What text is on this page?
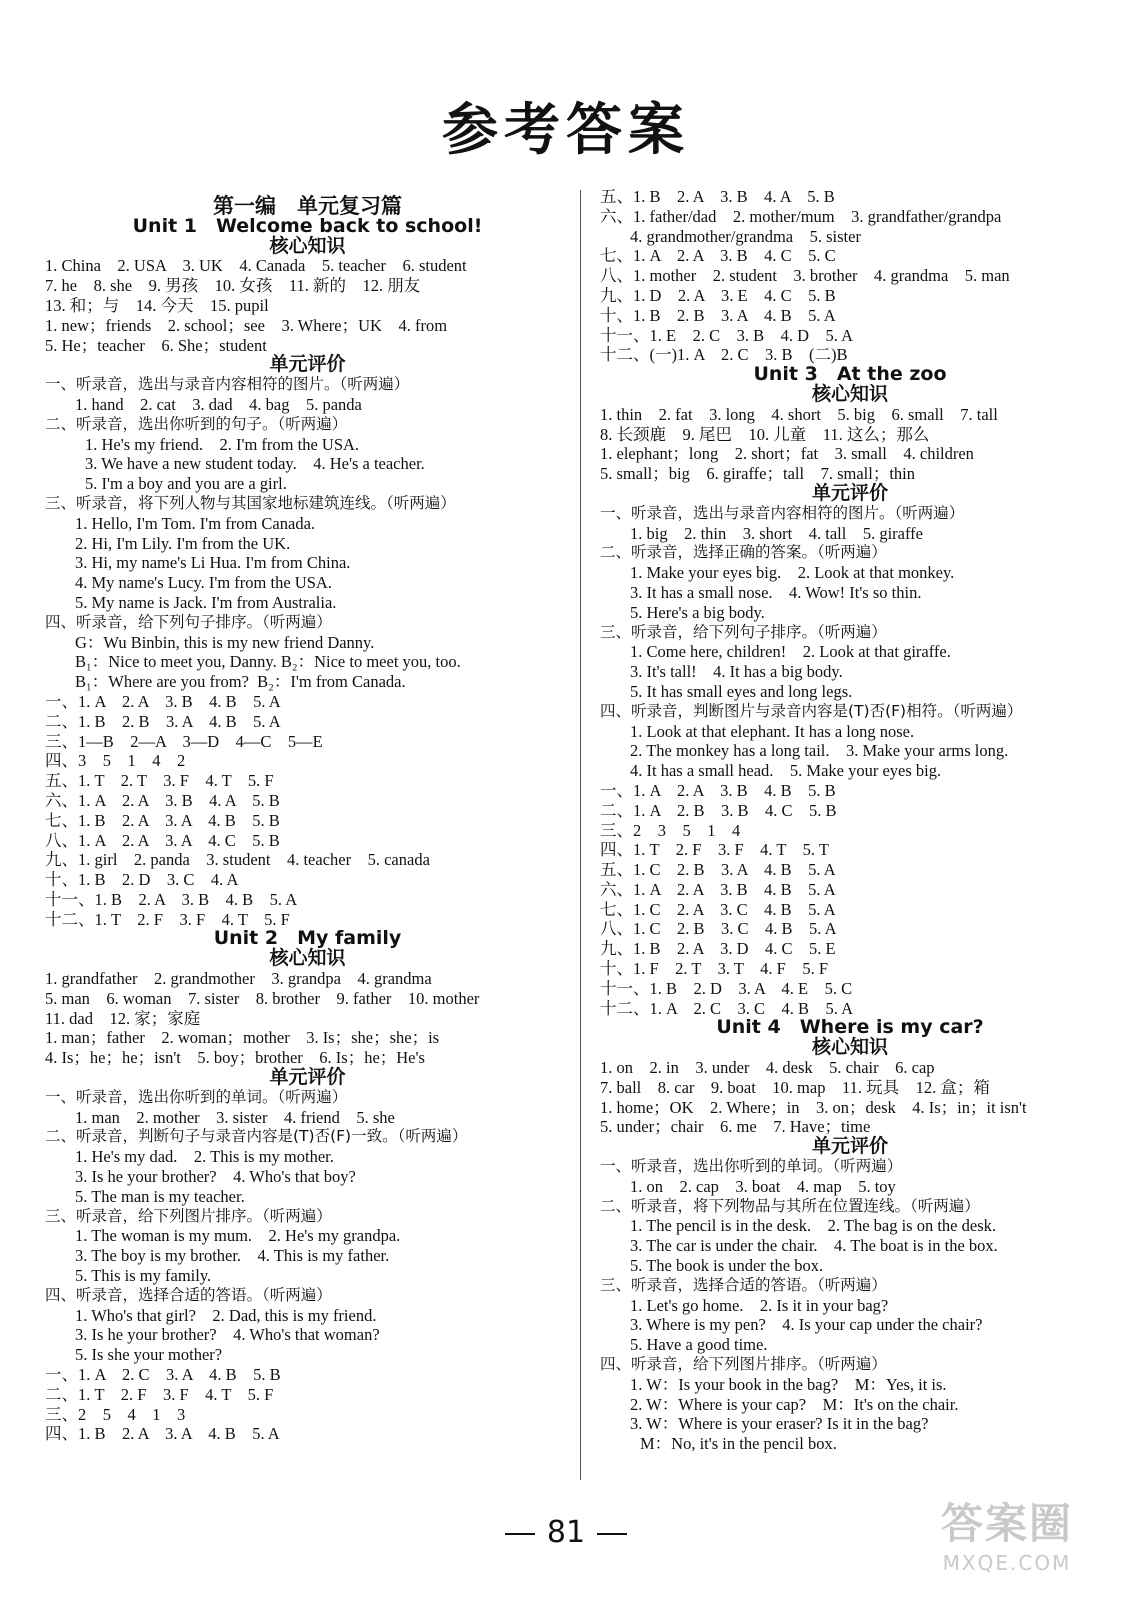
参考答案
第一编　单元复习篇
Unit 1　Welcome back to school!
核心知识
1. China　2. USA　3. UK　4. Canada　5. teacher　6. student
7. he　8. she　9. 男孩　10. 女孩　11. 新的　12. 朋友
13. 和；与　14. 今天　15. pupil
1. new；friends　2. school；see　3. Where；UK　4. from
5. He；teacher　6. She；student
单元评价
一、听录音，选出与录音内容相符的图片。（听两遍）
1. hand　2. cat　3. dad　4. bag　5. panda
二、听录音，选出你听到的句子。（听两遍）
1. He's my friend.　2. I'm from the USA.
3. We have a new student today.　4. He's a teacher.
5. I'm a boy and you are a girl.
三、听录音，将下列人物与其国家地标建筑连线。（听两遍）
1. Hello, I'm Tom. I'm from Canada.
2. Hi, I'm Lily. I'm from the UK.
3. Hi, my name's Li Hua. I'm from China.
4. My name's Lucy. I'm from the USA.
5. My name is Jack. I'm from Australia.
四、听录音，给下列句子排序。（听两遍）
G：Wu Binbin, this is my new friend Danny.
B₁：Nice to meet you, Danny. B₂：Nice to meet you, too.
B₁：Where are you from?  B₂：I'm from Canada.
一、1. A　2. A　3. B　4. B　5. A
二、1. B　2. B　3. A　4. B　5. A
三、1—B　2—A　3—D　4—C　5—E
四、3　5　1　4　2
五、1. T　2. T　3. F　4. T　5. F
六、1. A　2. A　3. B　4. A　5. B
七、1. B　2. A　3. A　4. B　5. B
八、1. A　2. A　3. A　4. C　5. B
九、1. girl　2. panda　3. student　4. teacher　5. canada
十、1. B　2. D　3. C　4. A
十一、1. B　2. A　3. B　4. B　5. A
十二、1. T　2. F　3. F　4. T　5. F
Unit 2　My family
核心知识
1. grandfather　2. grandmother　3. grandpa　4. grandma
5. man　6. woman　7. sister　8. brother　9. father　10. mother
11. dad　12. 家；家庭
1. man；father　2. woman；mother　3. Is；she；she；is
4. Is；he；he；isn't　5. boy；brother　6. Is；he；He's
单元评价
一、听录音，选出你听到的单词。（听两遍）
1. man　2. mother　3. sister　4. friend　5. she
二、听录音，判断句子与录音内容是(T)否(F)一致。（听两遍）
1. He's my dad.　2. This is my mother.
3. Is he your brother?　4. Who's that boy?
5. The man is my teacher.
三、听录音，给下列图片排序。（听两遍）
1. The woman is my mum.　2. He's my grandpa.
3. The boy is my brother.　4. This is my father.
5. This is my family.
四、听录音，选择合适的答语。（听两遍）
1. Who's that girl?　2. Dad, this is my friend.
3. Is he your brother?　4. Who's that woman?
5. Is she your mother?
一、1. A　2. C　3. A　4. B　5. B
二、1. T　2. F　3. F　4. T　5. F
三、2　5　4　1　3
四、1. B　2. A　3. A　4. B　5. A
五、1. B　2. A　3. B　4. A　5. B
六、1. father/dad　2. mother/mum　3. grandfather/grandpa
4. grandmother/grandma　5. sister
七、1. A　2. A　3. B　4. C　5. C
八、1. mother　2. student　3. brother　4. grandma　5. man
九、1. D　2. A　3. E　4. C　5. B
十、1. B　2. B　3. A　4. B　5. A
十一、1. E　2. C　3. B　4. D　5. A
十二、(一)1. A　2. C　3. B　(二)B
Unit 3　At the zoo
核心知识
1. thin　2. fat　3. long　4. short　5. big　6. small　7. tall
8. 长颈鹿　9. 尾巴　10. 儿童　11. 这么；那么
1. elephant；long　2. short；fat　3. small　4. children
5. small；big　6. giraffe；tall　7. small；thin
单元评价
一、听录音，选出与录音内容相符的图片。（听两遍）
1. big　2. thin　3. short　4. tall　5. giraffe
二、听录音，选择正确的答案。（听两遍）
1. Make your eyes big.　2. Look at that monkey.
3. It has a small nose.　4. Wow! It's so thin.
5. Here's a big body.
三、听录音，给下列句子排序。（听两遍）
1. Come here, children!　2. Look at that giraffe.
3. It's tall!　4. It has a big body.
5. It has small eyes and long legs.
四、听录音，判断图片与录音内容是(T)否(F)相符。（听两遍）
1. Look at that elephant. It has a long nose.
2. The monkey has a long tail.　3. Make your arms long.
4. It has a small head.　5. Make your eyes big.
一、1. A　2. A　3. B　4. B　5. B
二、1. A　2. B　3. B　4. C　5. B
三、2　3　5　1　4
四、1. T　2. F　3. F　4. T　5. T
五、1. C　2. B　3. A　4. B　5. A
六、1. A　2. A　3. B　4. B　5. A
七、1. C　2. A　3. C　4. B　5. A
八、1. C　2. B　3. C　4. B　5. A
九、1. B　2. A　3. D　4. C　5. E
十、1. F　2. T　3. T　4. F　5. F
十一、1. B　2. D　3. A　4. E　5. C
十二、1. A　2. C　3. C　4. B　5. A
Unit 4　Where is my car?
核心知识
1. on　2. in　3. under　4. desk　5. chair　6. cap
7. ball　8. car　9. boat　10. map　11. 玩具　12. 盒；箱
1. home；OK　2. Where；in　3. on；desk　4. Is；in；it isn't
5. under；chair　6. me　7. Have；time
单元评价
一、听录音，选出你听到的单词。（听两遍）
1. on　2. cap　3. boat　4. map　5. toy
二、听录音，将下列物品与其所在位置连线。（听两遍）
1. The pencil is in the desk.　2. The bag is on the desk.
3. The car is under the chair.　4. The boat is in the box.
5. The book is under the box.
三、听录音，选择合适的答语。（听两遍）
1. Let's go home.　2. Is it in your bag?
3. Where is my pen?　4. Is your cap under the chair?
5. Have a good time.
四、听录音，给下列图片排序。（听两遍）
1. W：Is your book in the bag?　M：Yes, it is.
2. W：Where is your cap?　M：It's on the chair.
3. W：Where is your eraser? Is it in the bag?
M：No, it's in the pencil box.
81	答案圈
MXQE.COM
